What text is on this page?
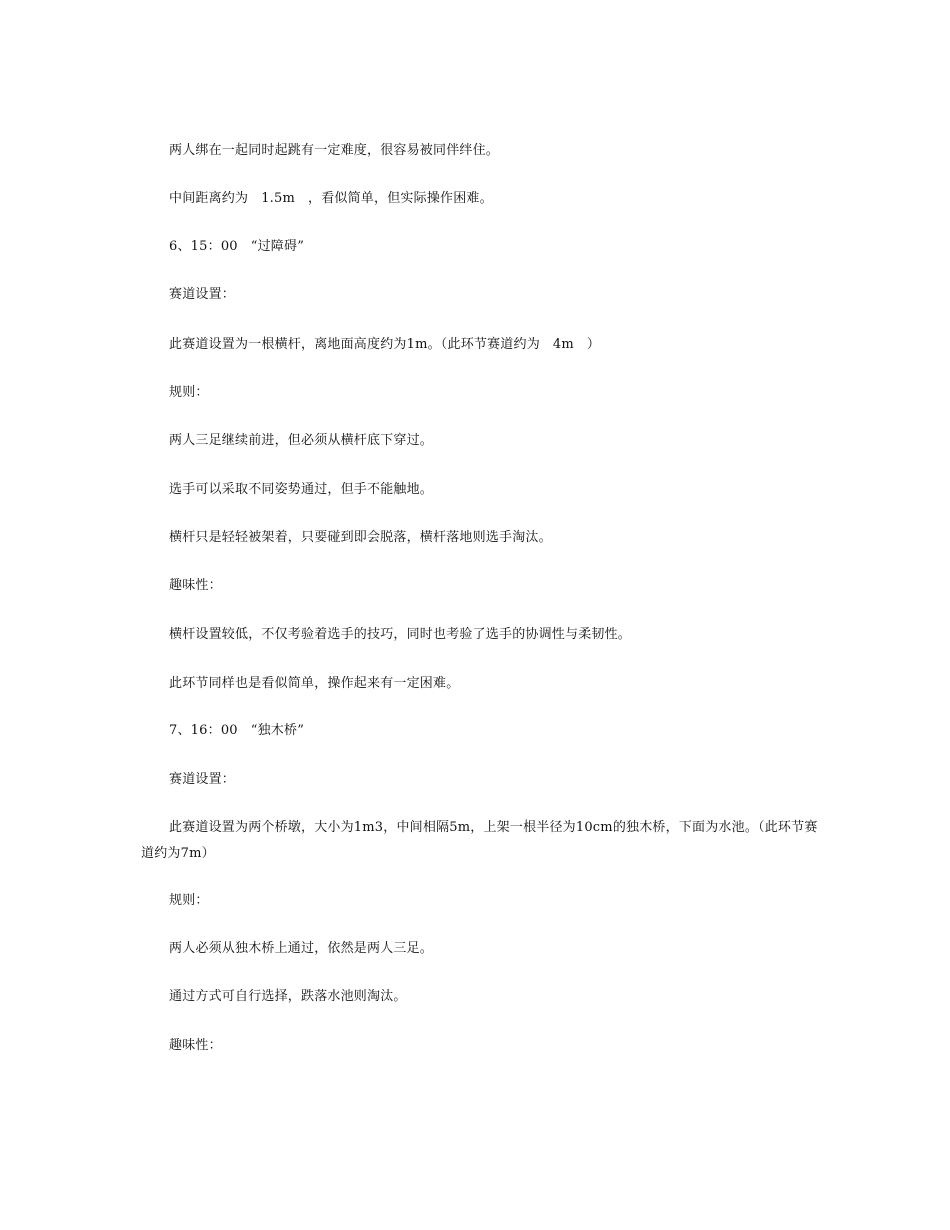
两人绑在一起同时起跳有一定难度，很容易被同伴绊住。
中间距离约为   1.5m   ，看似简单，但实际操作困难。
6、15：00   “过障碍”
赛道设置：
此赛道设置为一根横杆，离地面高度约为1m。（此环节赛道约为   4m   ）
规则：
两人三足继续前进，但必须从横杆底下穿过。
选手可以采取不同姿势通过，但手不能触地。
横杆只是轻轻被架着，只要碰到即会脱落，横杆落地则选手淘汰。
趣味性：
横杆设置较低，不仅考验着选手的技巧，同时也考验了选手的协调性与柔韧性。
此环节同样也是看似简单，操作起来有一定困难。
7、16：00   “独木桥”
赛道设置：
此赛道设置为两个桥墩，大小为1m3，中间相隔5m，上架一根半径为10cm的独木桥，下面为水池。（此环节赛道约为7m）
规则：
两人必须从独木桥上通过，依然是两人三足。
通过方式可自行选择，跌落水池则淘汰。
趣味性：
